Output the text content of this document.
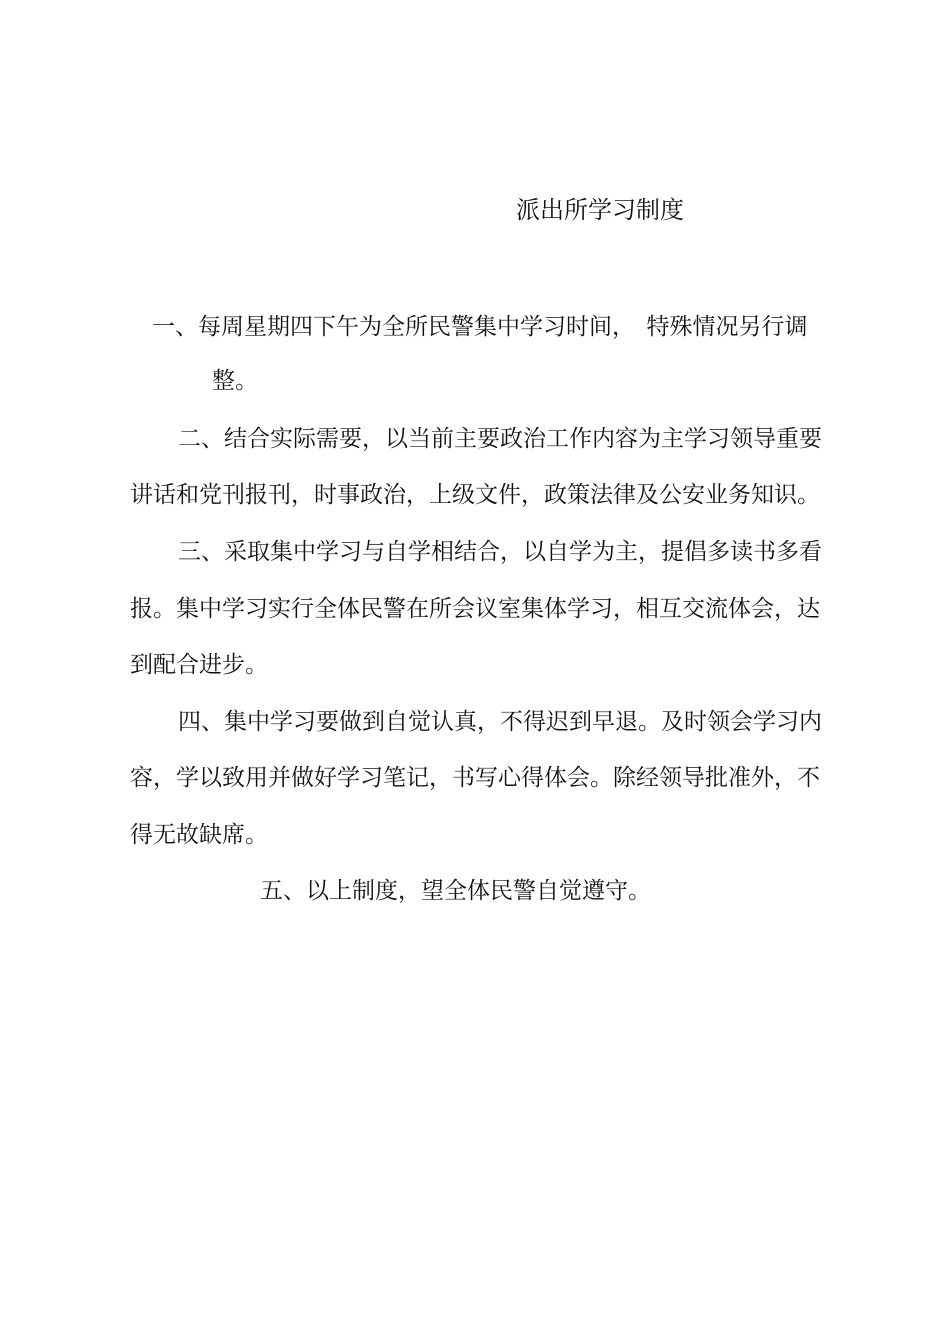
派出所学习制度
一、每周星期四下午为全所民警集中学习时间，　特殊情况另行调
整。
二、结合实际需要，以当前主要政治工作内容为主学习领导重要
讲话和党刊报刊，时事政治，上级文件，政策法律及公安业务知识。
三、采取集中学习与自学相结合，以自学为主，提倡多读书多看
报。集中学习实行全体民警在所会议室集体学习，相互交流体会，达
到配合进步。
四、集中学习要做到自觉认真，不得迟到早退。及时领会学习内
容，学以致用并做好学习笔记，书写心得体会。除经领导批准外，不
得无故缺席。
五、以上制度，望全体民警自觉遵守。
